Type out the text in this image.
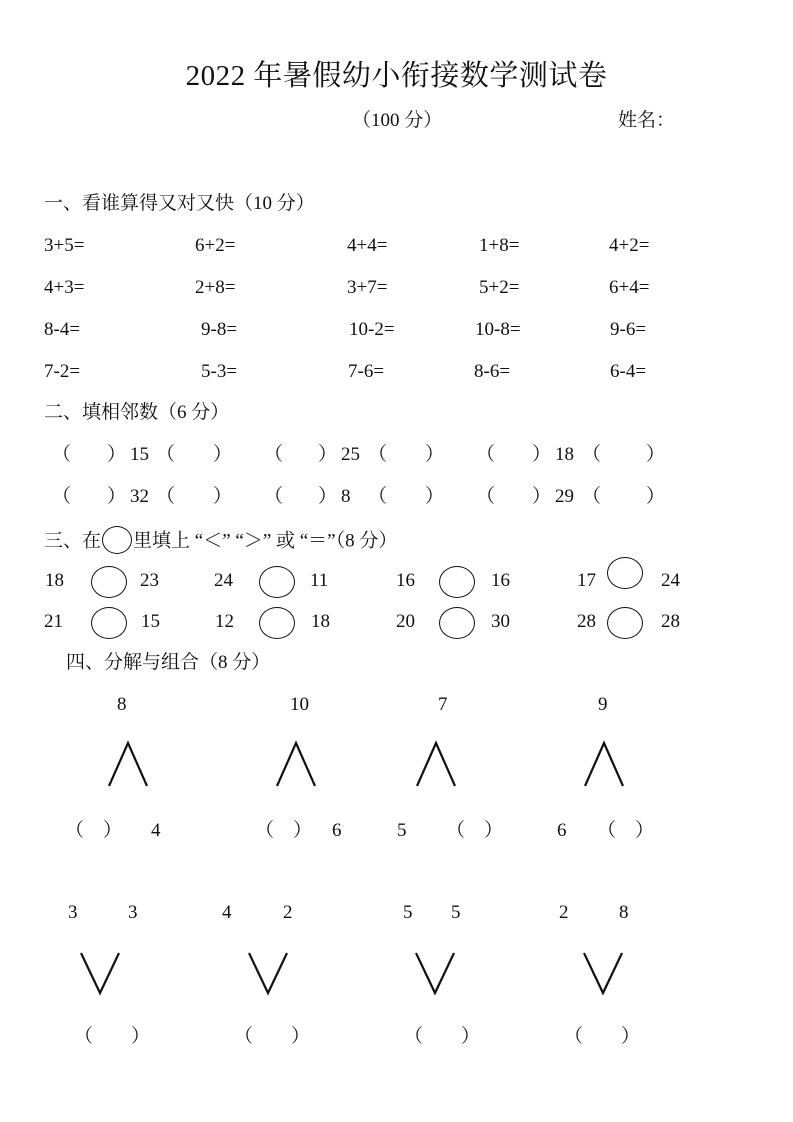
2022 年暑假幼小衔接数学测试卷
（100 分）	姓名：
一、看谁算得又对又快（10 分）
3+5=	6+2=	4+4=	1+8=	4+2=
4+3=	2+8=	3+7=	5+2=	6+4=
8-4=	9-8=	10-2=	10-8=	9-6=
7-2=	5-3=	7-6=	8-6=	6-4=
二、填相邻数（6 分）
（ ） 15 （ ） （ ） 25 （ ） （ ） 18 （ ）
（ ） 32 （ ） （ ） 8 （ ） （ ） 29 （ ）
三、在 里填上 “＜” “＞” 或 “＝”（8 分）
18	23	24	11	16	16	17	24
21	15	12	18	20	30	28	28
四、分解与组合（8 分）
8
（　） 4
10
（　） 6
7
5 （　）
9
6 （　）
3	3
（　　）
4	2
（　　）
5 5
（　　）
2	8
（　　）
